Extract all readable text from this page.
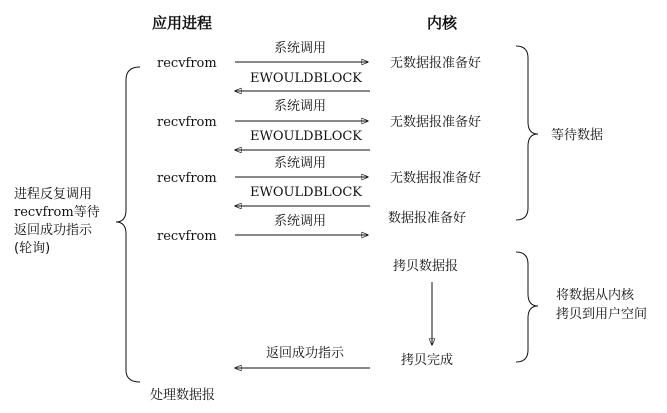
应用进程	内核
recvfrom
系统调用
无数据报准备好
EWOULDBLOCK
recvfrom
系统调用
无数据报准备好
EWOULDBLOCK
recvfrom
系统调用
无数据报准备好
EWOULDBLOCK
recvfrom
系统调用	数据报准备好
拷贝数据报
拷贝完成
返回成功指示
处理数据报
进程反复调用
recvfrom等待
返回成功指示
(轮询)
等待数据
将数据从内核
拷贝到用户空间
